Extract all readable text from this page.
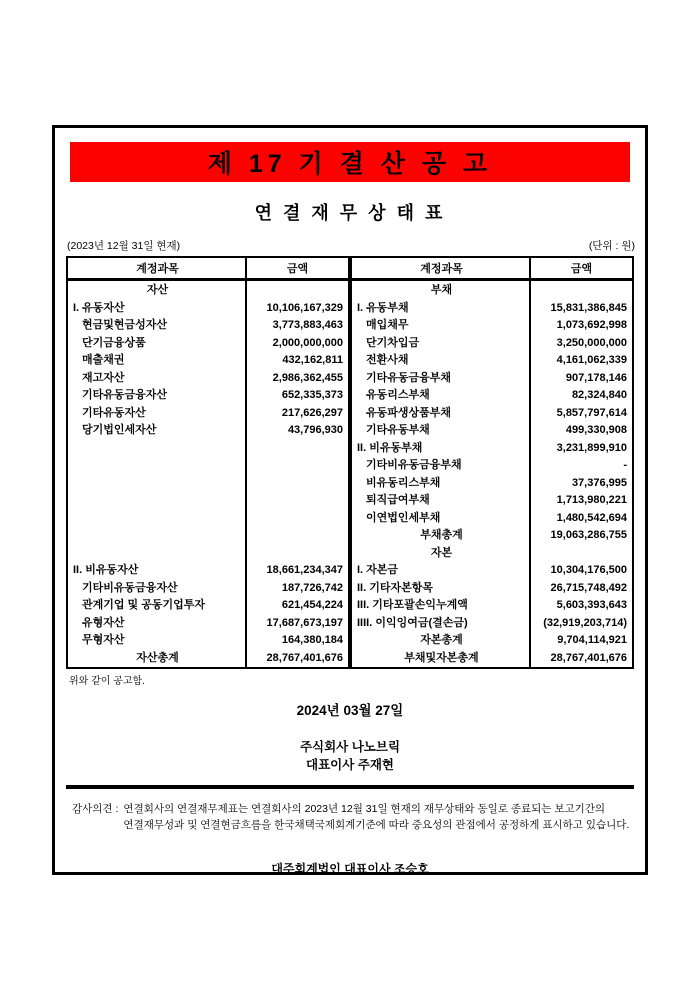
제 17 기 결 산 공 고
연 결 재 무 상 태 표
(2023년 12월 31일 현재)	(단위 : 원)
계정과목	금액
자산
I. 유동자산	10,106,167,329
현금및현금성자산	3,773,883,463
단기금융상품	2,000,000,000
매출채권	432,162,811
재고자산	2,986,362,455
기타유동금융자산	652,335,373
기타유동자산	217,626,297
당기법인세자산	43,796,930
II. 비유동자산	18,661,234,347
기타비유동금융자산	187,726,742
관계기업 및 공동기업투자	621,454,224
유형자산	17,687,673,197
무형자산	164,380,184
자산총계	28,767,401,676
계정과목	금액
부채
I. 유동부채	15,831,386,845
매입채무	1,073,692,998
단기차입금	3,250,000,000
전환사채	4,161,062,339
기타유동금융부채	907,178,146
유동리스부채	82,324,840
유동파생상품부채	5,857,797,614
기타유동부채	499,330,908
II. 비유동부채	3,231,899,910
기타비유동금융부채	-
비유동리스부채	37,376,995
퇴직급여부채	1,713,980,221
이연법인세부채	1,480,542,694
부채총계	19,063,286,755
자본
I. 자본금	10,304,176,500
II. 기타자본항목	26,715,748,492
III. 기타포괄손익누계액	5,603,393,643
IIII. 이익잉여금(결손금)	(32,919,203,714)
자본총계	9,704,114,921
부채및자본총계	28,767,401,676
위와 같이 공고함.
2024년 03월 27일
주식회사 나노브릭
대표이사 주재현
감사의견 : 연결회사의 연결재무제표는 연결회사의 2023년 12월 31일 현재의 재무상태와 동일로 종료되는 보고기간의
연결재무성과 및 연결현금흐름을 한국채택국제회계기준에 따라 중요성의 관점에서 공정하게 표시하고 있습니다.
대주회계법인 대표이사 조승호
